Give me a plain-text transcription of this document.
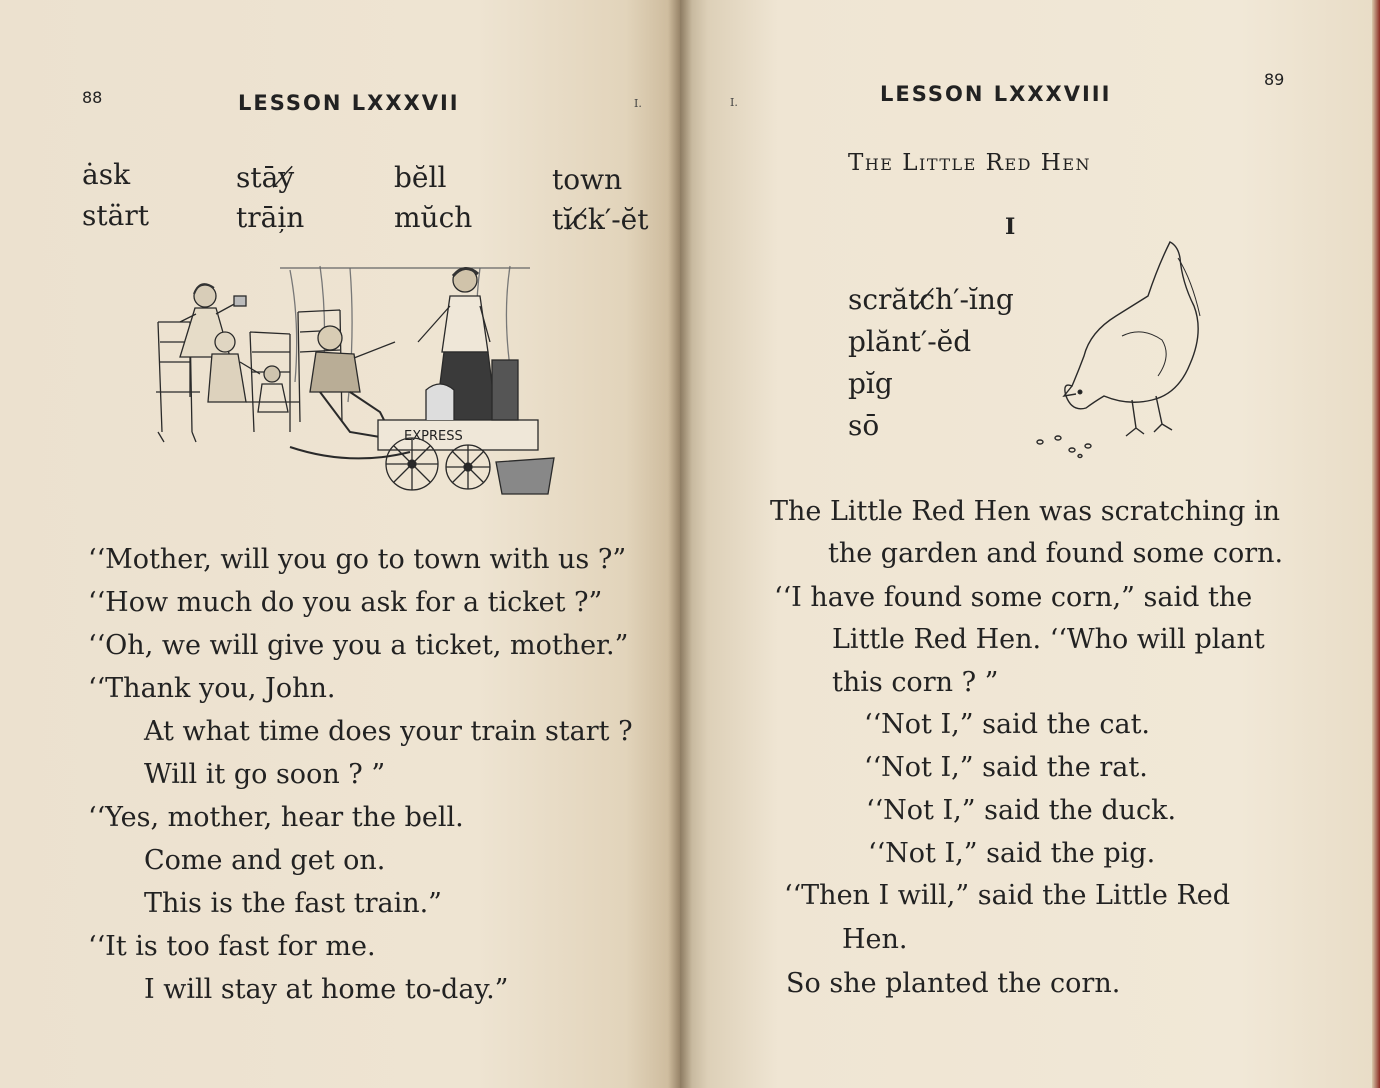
88	LESSON LXXXVII	I.
ȧsk	stāy̸	bĕll	town
stärt	trāi̦n	mŭch	tĭc̸k′-ĕt
EXPRESS
‘‘Mother, will you go to town with us ?”
‘‘How much do you ask for a ticket ?”
‘‘Oh, we will give you a ticket, mother.”
‘‘Thank you, John.
At what time does your train start ?
Will it go soon ? ”
‘‘Yes, mother, hear the bell.
Come and get on.
This is the fast train.”
‘‘It is too fast for me.
I will stay at home to-day.”
I.	LESSON LXXXVIII
89
The Little Red Hen
I
scrătc̸h′-ĭng
plănt′-ĕd
pĭg
sō
The Little Red Hen was scratching in
the garden and found some corn.
‘‘I have found some corn,” said the
Little Red Hen. ‘‘Who will plant
this corn ? ”
‘‘Not I,” said the cat.
‘‘Not I,” said the rat.
‘‘Not I,” said the duck.
‘‘Not I,” said the pig.
‘‘Then I will,” said the Little Red
Hen.
So she planted the corn.
